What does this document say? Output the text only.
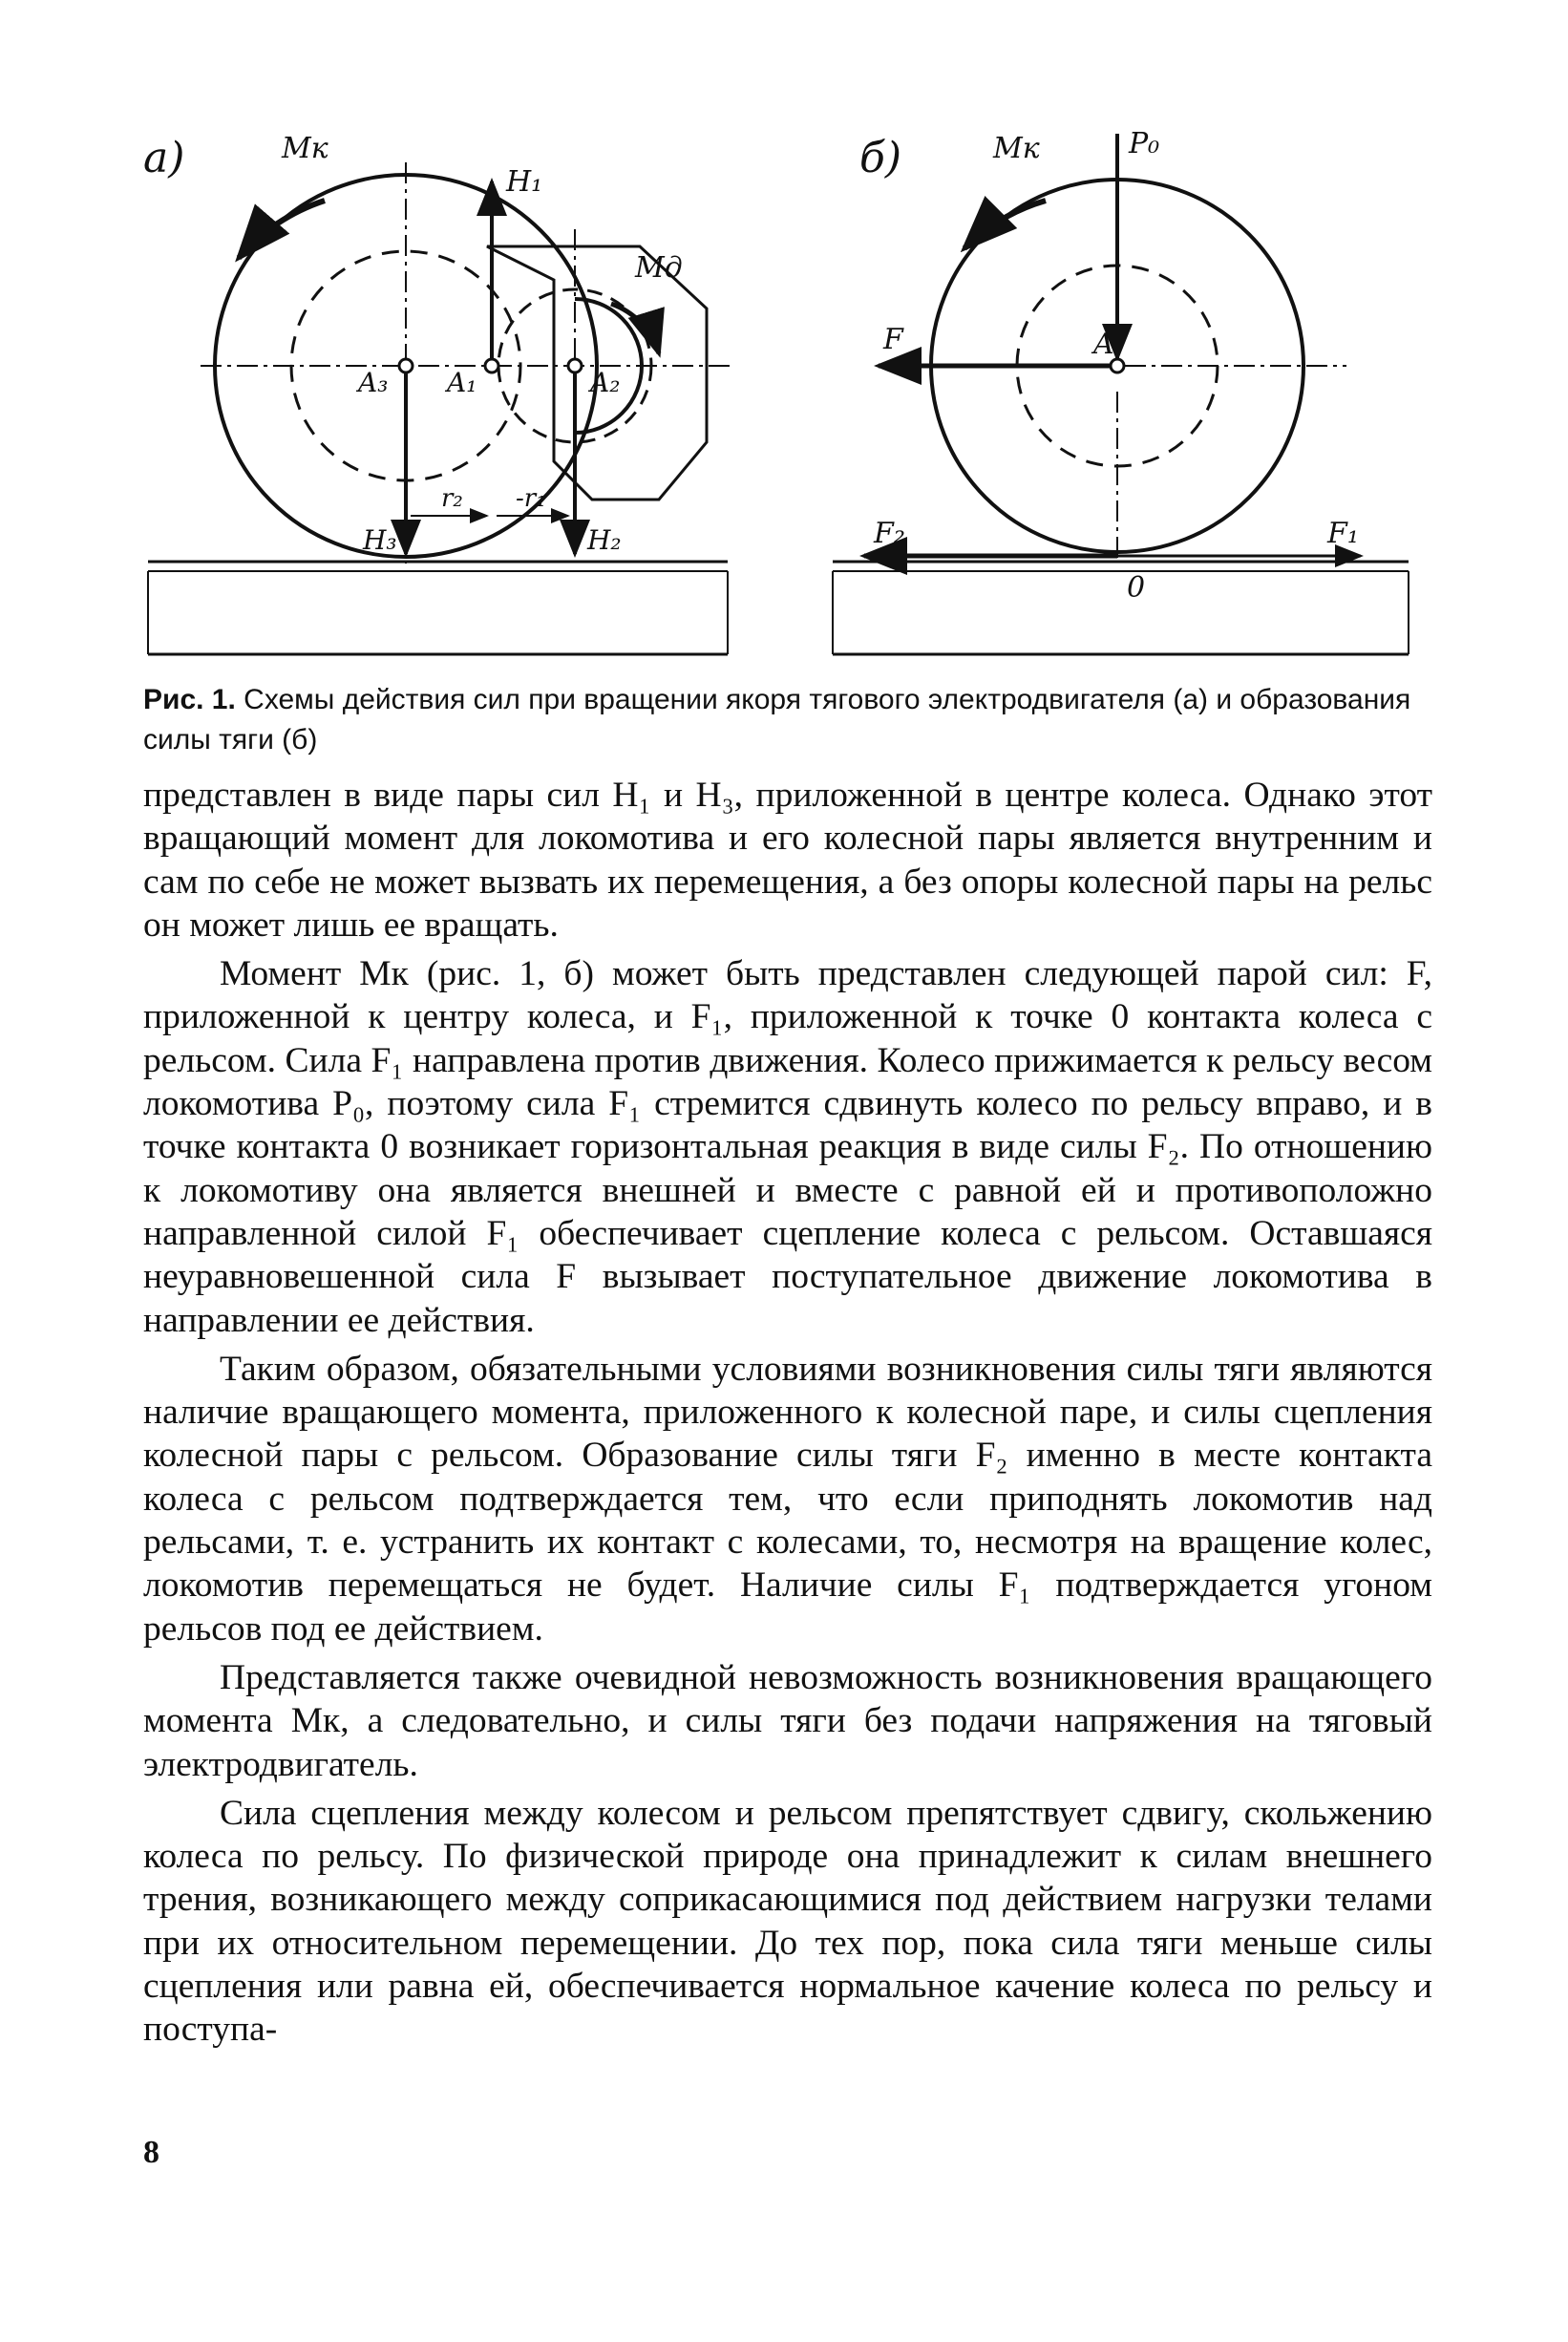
а)	Мк
H₁
Мд
A₃ A₁	A₂
r₂ -r₁
H₃	H₂
б)	Мк	P₀
F	A
F₂	F₁
0
Рис. 1. Схемы действия сил при вращении якоря тягового электродвигателя (а) и образования силы тяги (б)

представлен в виде пары сил H₁ и H₃, приложенной в центре колеса. Однако этот вращающий момент для локомотива и его колесной пары является внутренним и сам по себе не может вызвать их перемещения, а без опоры колесной пары на рельс он может лишь ее вращать.

Момент Mк (рис. 1, б) может быть представлен следующей парой сил: F, приложенной к центру колеса, и F₁, приложенной к точке 0 контакта колеса с рельсом. Сила F₁ направлена против движения. Колесо прижимается к рельсу весом локомотива P₀, поэтому сила F₁ стремится сдвинуть колесо по рельсу вправо, и в точке контакта 0 возникает горизонтальная реакция в виде силы F₂. По отношению к локомотиву она является внешней и вместе с равной ей и противоположно направленной силой F₁ обеспечивает сцепление колеса с рельсом. Оставшаяся неуравновешенной сила F вызывает поступательное движение локомотива в направлении ее действия.

Таким образом, обязательными условиями возникновения силы тяги являются наличие вращающего момента, приложенного к колесной паре, и силы сцепления колесной пары с рельсом. Образование силы тяги F₂ именно в месте контакта колеса с рельсом подтверждается тем, что если приподнять локомотив над рельсами, т. е. устранить их контакт с колесами, то, несмотря на вращение колес, локомотив перемещаться не будет. Наличие силы F₁ подтверждается угоном рельсов под ее действием.

Представляется также очевидной невозможность возникновения вращающего момента Mк, а следовательно, и силы тяги без подачи напряжения на тяговый электродвигатель.

Сила сцепления между колесом и рельсом препятствует сдвигу, скольжению колеса по рельсу. По физической природе она принадлежит к силам внешнего трения, возникающего между соприкасающимися под действием нагрузки телами при их относительном перемещении. До тех пор, пока сила тяги меньше силы сцепления или равна ей, обеспечивается нормальное качение колеса по рельсу и поступа-

8
